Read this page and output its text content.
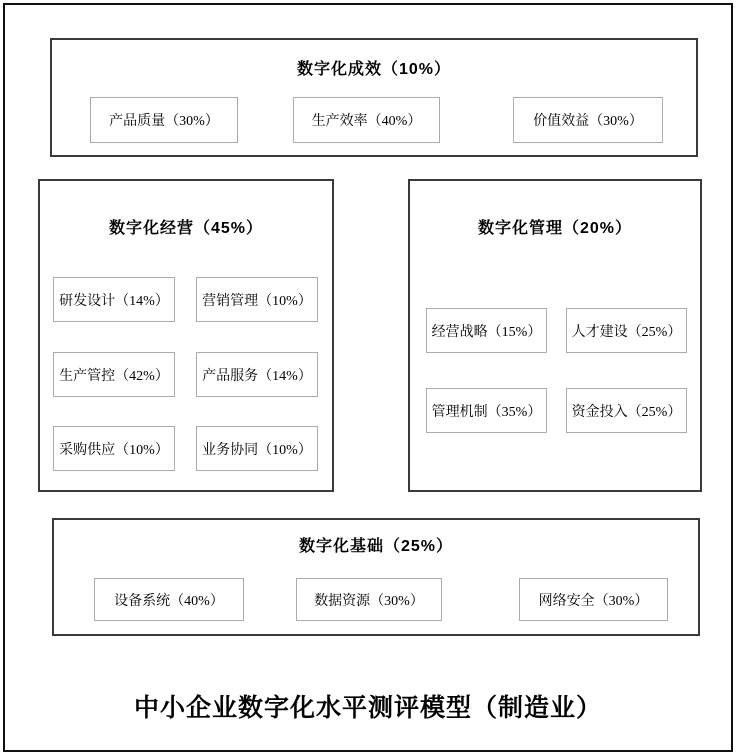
数字化成效（10%）
产品质量（30%）	生产效率（40%）	价值效益（30%）
数字化经营（45%）
研发设计（14%）	营销管理（10%）
生产管控（42%）	产品服务（14%）
采购供应（10%）	业务协同（10%）
数字化管理（20%）
经营战略（15%）	人才建设（25%）
管理机制（35%）	资金投入（25%）
数字化基础（25%）
设备系统（40%）	数据资源（30%）	网络安全（30%）
中小企业数字化水平测评模型（制造业）
